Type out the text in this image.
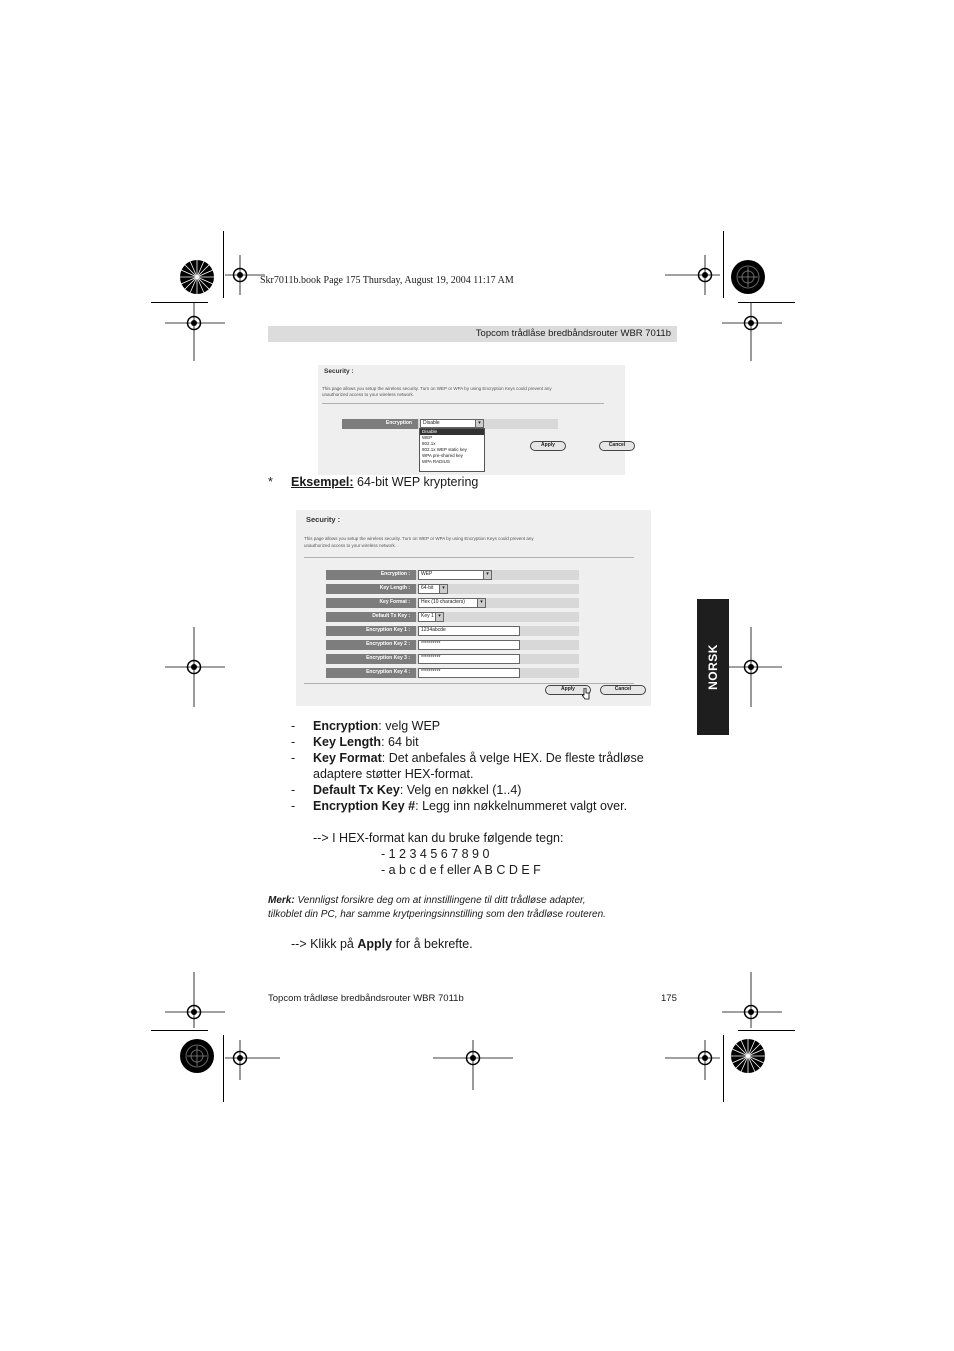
Skr7011b.book Page 175 Thursday, August 19, 2004 11:17 AM
Topcom trådlåse bredbåndsrouter WBR 7011b
NORSK
Security :
This page allows you setup the wireless security. Turn on WEP or WPA by using Encryption Keys could prevent any
unauthorized access to your wireless network.
Encryption	Disable	▾
Disable
WEP
802.1x
802.1x WEP static key
WPA pre-shared key
WPA RADIUS
Apply	Cancel
* Eksempel: 64-bit WEP kryptering
Security :
This page allows you setup the wireless security. Turn on WEP or WPA by using Encryption Keys could prevent any
unauthorized access to your wireless network.
Apply	Cancel
Encryption :	WEP	▾
Key Length :	64-bit	▾
Key Format :	Hex (10 characters)	▾
Default Tx Key :	Key 1 ▾
Encryption Key 1 :	1234abcde
Encryption Key 2 :	**********
Encryption Key 3 :	**********
Encryption Key 4 :	**********
- Encryption: velg WEP
- Key Length: 64 bit
- Key Format: Det anbefales å velge HEX. De fleste trådløse
adaptere støtter HEX-format.
- Default Tx Key: Velg en nøkkel (1..4)
- Encryption Key #: Legg inn nøkkelnummeret valgt over.
--> I HEX-format kan du bruke følgende tegn:
- 1 2 3 4 5 6 7 8 9 0
- a b c d e f eller A B C D E F
Merk: Vennligst forsikre deg om at innstillingene til ditt trådløse adapter,
tilkoblet din PC, har samme krytperingsinnstilling som den trådløse routeren.
--> Klikk på Apply for å bekrefte.
Topcom trådløse bredbåndsrouter WBR 7011b	175
